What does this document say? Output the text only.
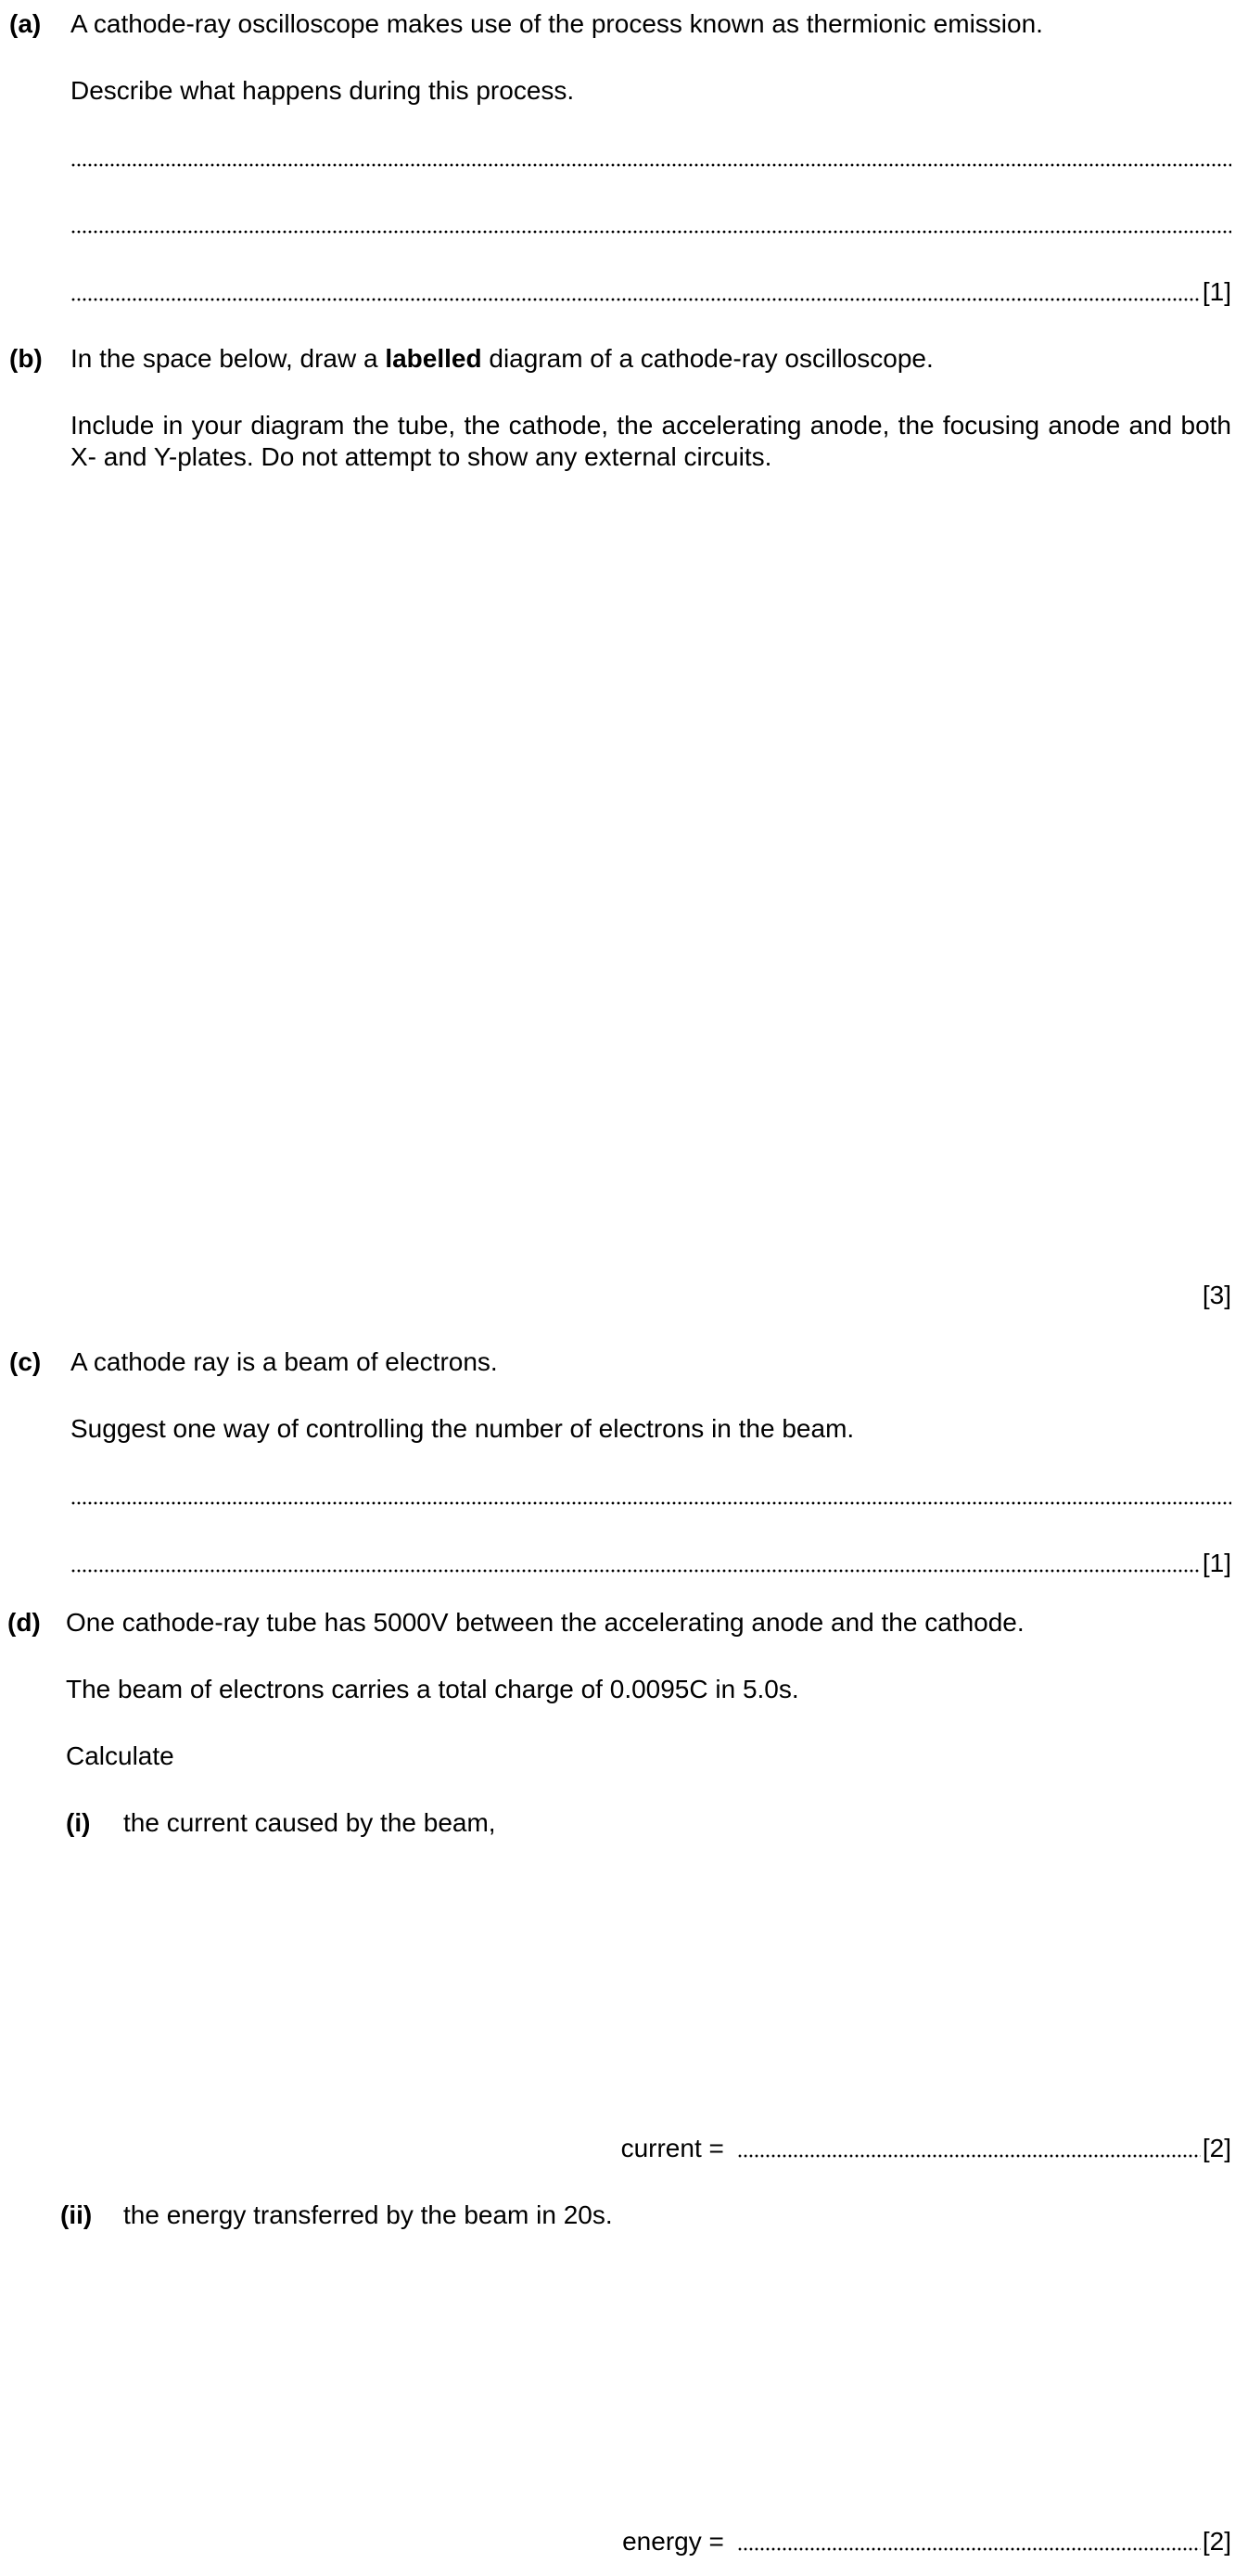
(a) A cathode-ray oscilloscope makes use of the process known as thermionic emission.
Describe what happens during this process.
[1]
(b) In the space below, draw a labelled diagram of a cathode-ray oscilloscope.
Include in your diagram the tube, the cathode, the accelerating anode, the focusing anode and both X- and Y-plates. Do not attempt to show any external circuits.
[3]
(c) A cathode ray is a beam of electrons.
Suggest one way of controlling the number of electrons in the beam.
[1]
(d) One cathode-ray tube has 5000V between the accelerating anode and the cathode.
The beam of electrons carries a total charge of 0.0095C in 5.0s.
Calculate
(i) the current caused by the beam,
current =	[2]
(ii) the energy transferred by the beam in 20s.
energy =	[2]
